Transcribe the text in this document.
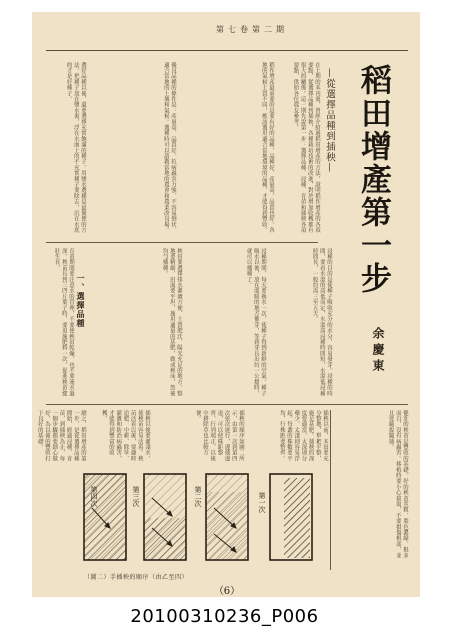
第七卷第二期
稻田增產第一步
—從選擇品種到插秧—
余慶東
在上期的本刊裏，曾經介紹過稻田增產的方法，說明稻作增產的各項要點，從選擇品種到插秧，各種栽培技術的改進，對於增加收穫都有很大的關係。這一期先說第一步：選擇品種、浸種、育苗和插秧各項要點，供給各位農友參考。
稻作增產最重要的是要有好的品種，品種好，產量高，品質也好。各地的氣候土質不同，應該選用適合當地環境的品種，才能得到豐收。
優良品種的條件是：產量高、品質好、抗病蟲害力強、不容易倒伏、適合當地的土壤和氣候。選種時可以請教當地的農會和農業改良場。
選好品種以後，還要選擇充實飽滿的種子。用鹽水選種是最簡便的方法，把種子放在鹽水裏，浮在水面上的不充實種子要除去，沉在水底的才是好種子。
浸種的目的是使種子吸收充分的水分，容易發芽。浸種的時間，要看水溫的高低而定，水溫高浸種時間短，水溫低浸種時間長，一般約需三至五天。
浸種期間，每天要換水一次，使種子得到新鮮的空氣。種子吸水以後，放在溫暖的地方催芽，等到芽長出約一公釐時，就可以播種了。
秧田要選擇排水灌溉方便、土質肥沃、陽光充足的地方。整地要精細，田面要平坦，施用適量的基肥，做成秧床，然後均勻播種。
一、選擇品種
育苗期間要注意水的管理，不要使秧田乾燥，也不要淹水過深。秧苗長到三四片葉子時，要追施肥料一次，促進秧苗健壯生長。
健壯的秧苗是豐收的基礎。好的秧苗莖粗、葉色濃綠、根多而白，沒有病蟲害。移植時要小心拔取，不要損傷根部，並且要隨拔隨插。
插秧以前，本田要充分整地，犁耙平整，施足基肥。插秧的深度要適當，太深則分蘗少，太淺則容易浮起。每叢的株數要平均，行株距要整齊。
插秧的順序如圖二所示，由第一次到第四次依次進行，邊插邊退，可以使株距整齊，行列端正，以後中耕除草也比較方便。
插秧以後要灌淺水，使秧苗容易活着。秧苗活着以後，要適時追肥、中耕、除草、灌溉和防治病蟲害，才能得到豐富的收穫。
總之，稻田增產的第一步，是從選擇品種開始，經過浸種、育苗，到插秧為止，每一個步驟都要細心做好，為以後的豐收打下良好的基礎。
第四次	第三次	第二次	第一次
（圖二）手插秧的順序（由乙至四）
（6）
20100310236_P006
